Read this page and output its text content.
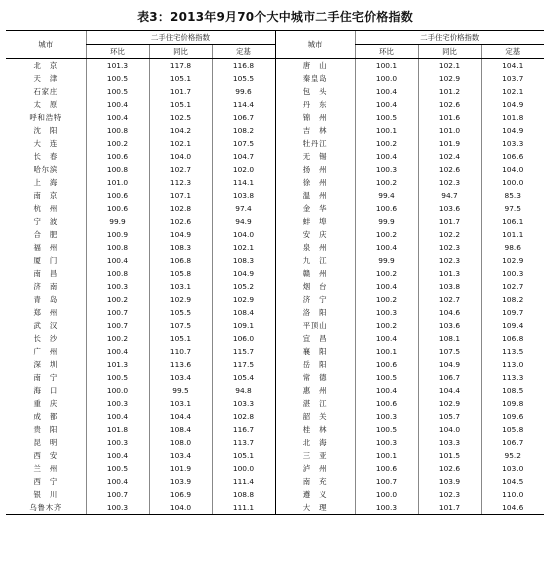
表3：2013年9月70个大中城市二手住宅价格指数
城市	二手住宅价格指数			城市	二手住宅价格指数		
	环比	同比	定基		环比	同比	定基
北　京	101.3	117.8	116.8	唐　山	100.1	102.1	104.1
天　津	100.5	105.1	105.5	秦皇岛	100.0	102.9	103.7
石家庄	100.5	101.7	99.6	包　头	100.4	101.2	102.1
太　原	100.4	105.1	114.4	丹　东	100.4	102.6	104.9
呼和浩特	100.4	102.5	106.7	锦　州	100.5	101.6	101.8
沈　阳	100.8	104.2	108.2	吉　林	100.1	101.0	104.9
大　连	100.2	102.1	107.5	牡丹江	100.2	101.9	103.3
长　春	100.6	104.0	104.7	无　锡	100.4	102.4	106.6
哈尔滨	100.8	102.7	102.0	扬　州	100.3	102.6	104.0
上　海	101.0	112.3	114.1	徐　州	100.2	102.3	100.0
南　京	100.6	107.1	103.8	温　州	99.4	94.7	85.3
杭　州	100.6	102.8	97.4	金　华	100.6	103.6	97.5
宁　波	99.9	102.6	94.9	蚌　埠	99.9	101.7	106.1
合　肥	100.9	104.9	104.0	安　庆	100.2	102.2	101.1
福　州	100.8	108.3	102.1	泉　州	100.4	102.3	98.6
厦　门	100.4	106.8	108.3	九　江	99.9	102.3	102.9
南　昌	100.8	105.8	104.9	赣　州	100.2	101.3	100.3
济　南	100.3	103.1	105.2	烟　台	100.4	103.8	102.7
青　岛	100.2	102.9	102.9	济　宁	100.2	102.7	108.2
郑　州	100.7	105.5	108.4	洛　阳	100.3	104.6	109.7
武　汉	100.7	107.5	109.1	平顶山	100.2	103.6	109.4
长　沙	100.2	105.1	106.0	宜　昌	100.4	108.1	106.8
广　州	100.4	110.7	115.7	襄　阳	100.1	107.5	113.5
深　圳	101.3	113.6	117.5	岳　阳	100.6	104.9	113.0
南　宁	100.5	103.4	105.4	常　德	100.5	106.7	113.3
海　口	100.0	99.5	94.8	惠　州	100.4	104.4	108.5
重　庆	100.3	103.1	103.3	湛　江	100.6	102.9	109.8
成　都	100.4	104.4	102.8	韶　关	100.3	105.7	109.6
贵　阳	101.8	108.4	116.7	桂　林	100.5	104.0	105.8
昆　明	100.3	108.0	113.7	北　海	100.3	103.3	106.7
西　安	100.4	103.4	105.1	三　亚	100.1	101.5	95.2
兰　州	100.5	101.9	100.0	泸　州	100.6	102.6	103.0
西　宁	100.4	103.9	111.4	南　充	100.7	103.9	104.5
银　川	100.7	106.9	108.8	遵　义	100.0	102.3	110.0
乌鲁木齐	100.3	104.0	111.1	大　理	100.3	101.7	104.6
